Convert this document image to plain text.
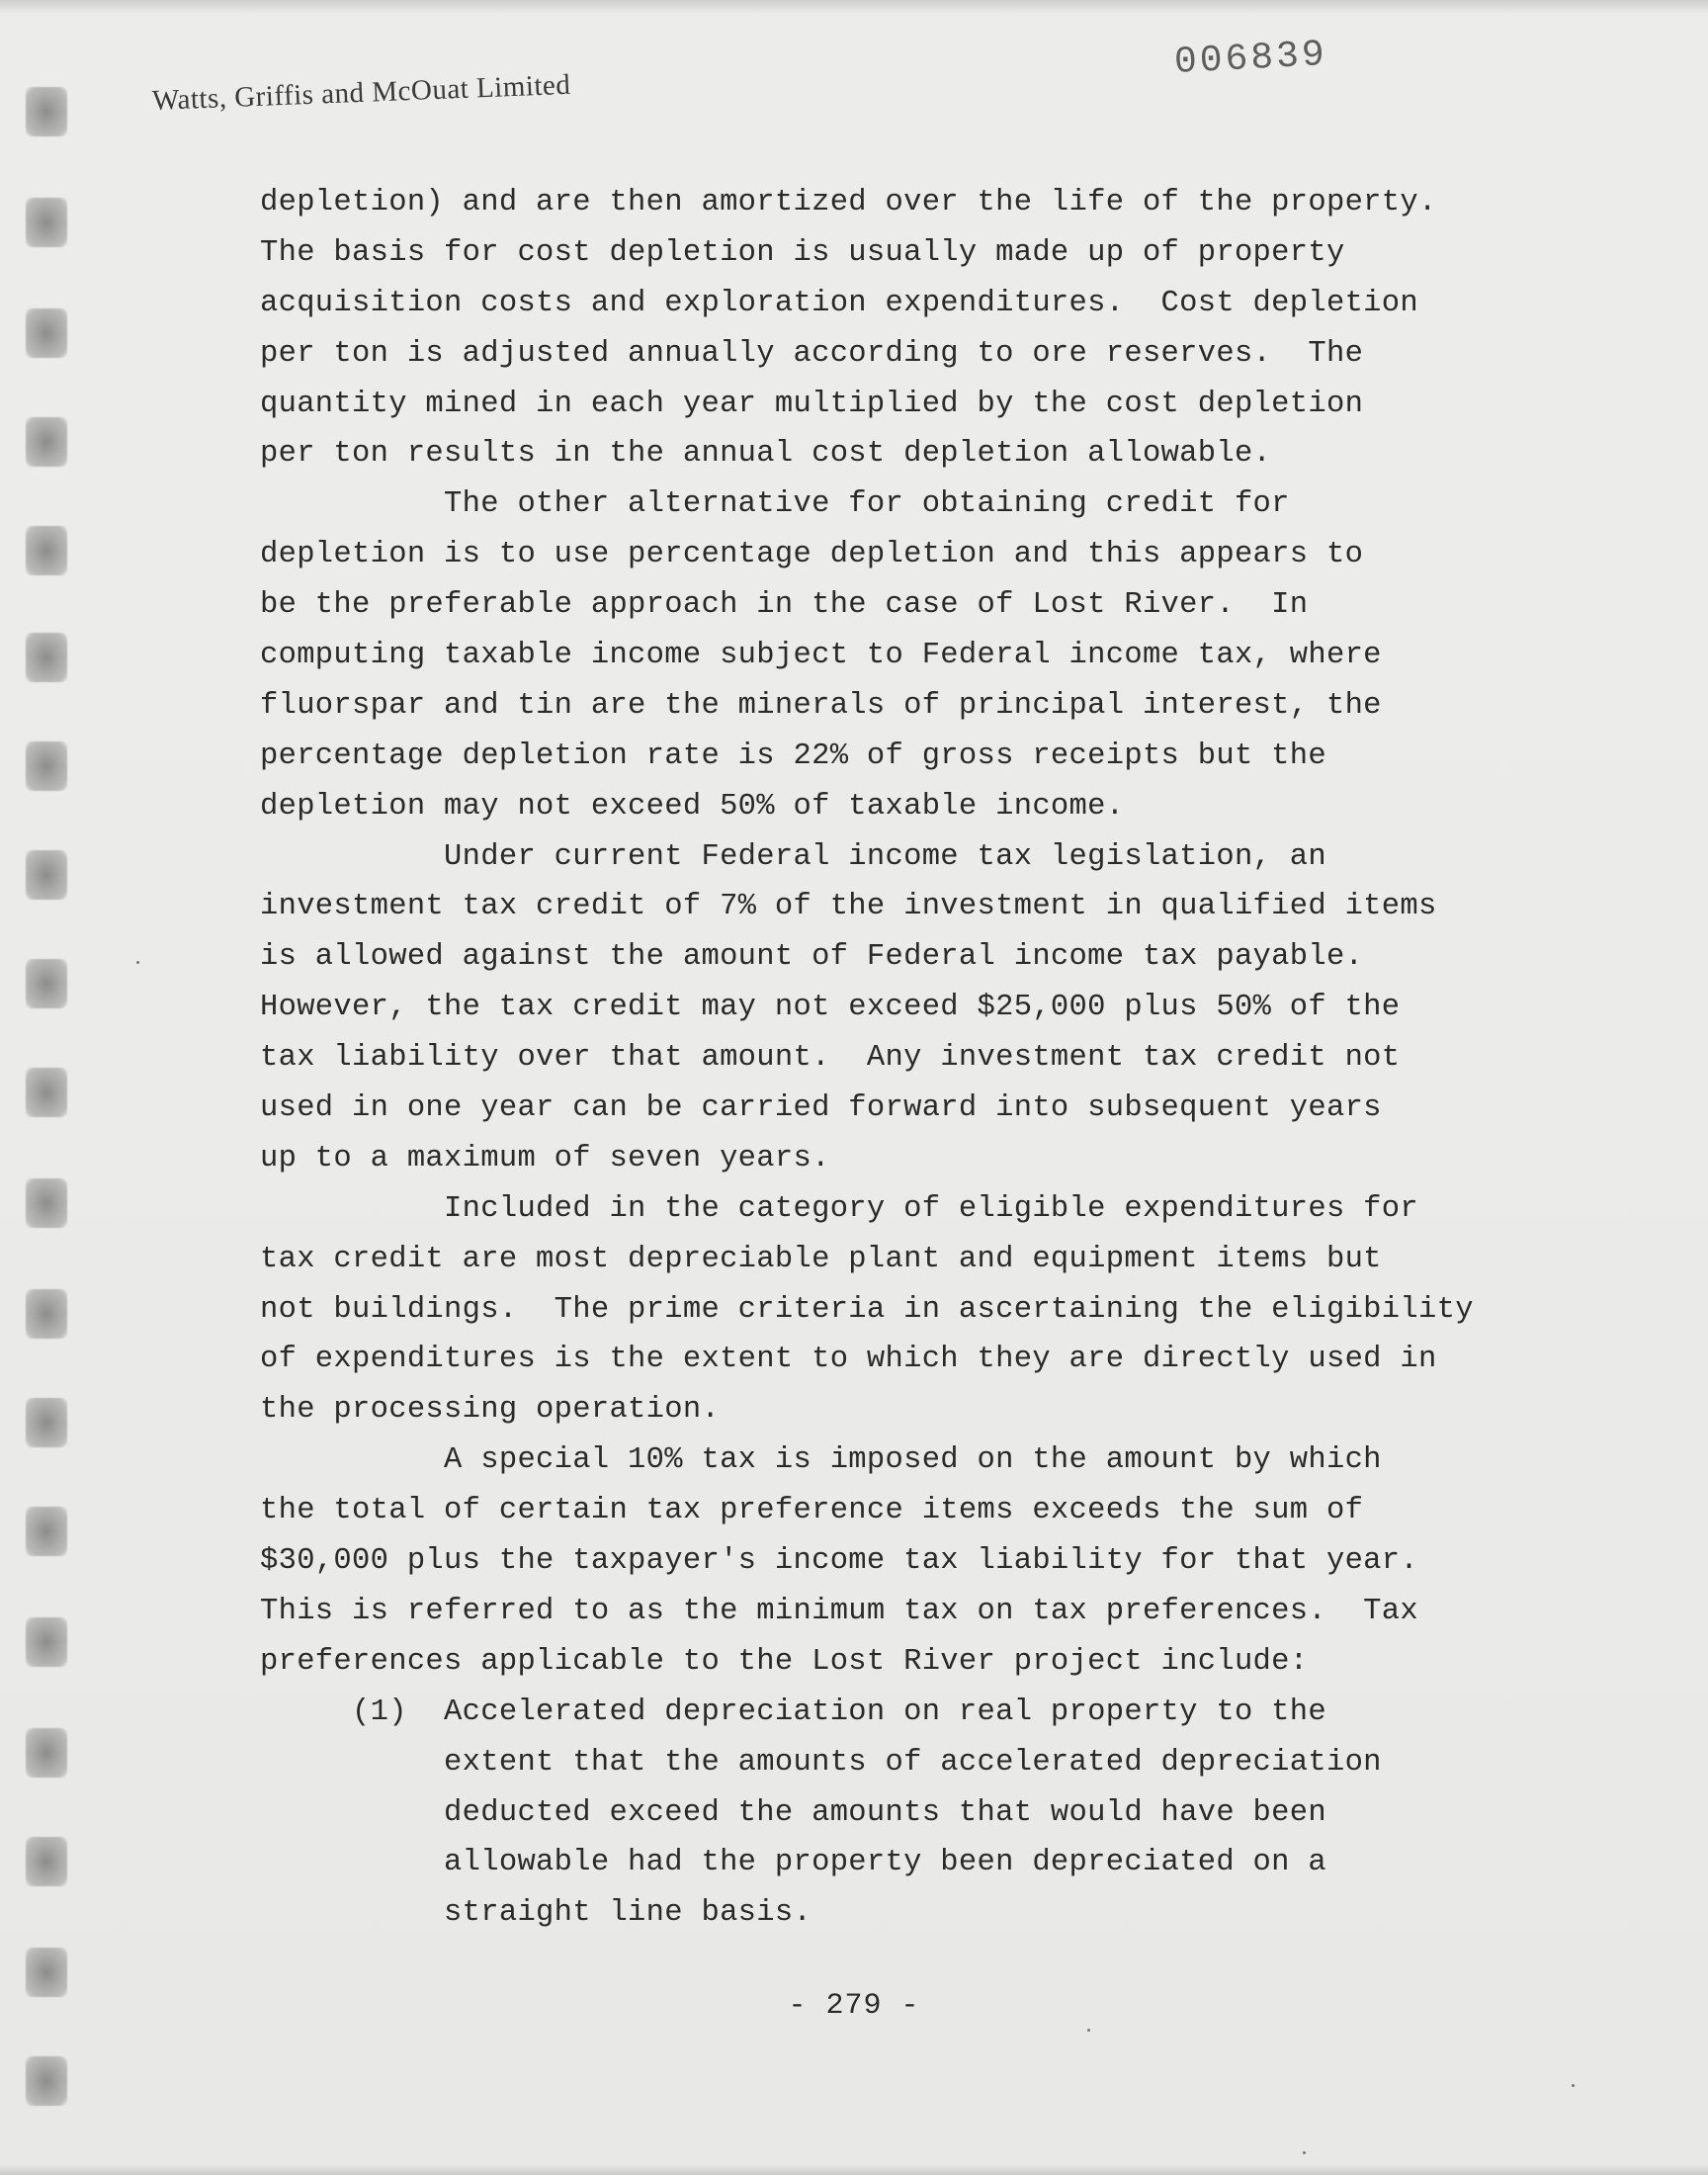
006839
Watts, Griffis and McOuat Limited
depletion) and are then amortized over the life of the property.
The basis for cost depletion is usually made up of property
acquisition costs and exploration expenditures.  Cost depletion
per ton is adjusted annually according to ore reserves.  The
quantity mined in each year multiplied by the cost depletion
per ton results in the annual cost depletion allowable.
The other alternative for obtaining credit for
depletion is to use percentage depletion and this appears to
be the preferable approach in the case of Lost River.  In
computing taxable income subject to Federal income tax, where
fluorspar and tin are the minerals of principal interest, the
percentage depletion rate is 22% of gross receipts but the
depletion may not exceed 50% of taxable income.
Under current Federal income tax legislation, an
investment tax credit of 7% of the investment in qualified items
is allowed against the amount of Federal income tax payable.
However, the tax credit may not exceed $25,000 plus 50% of the
tax liability over that amount.  Any investment tax credit not
used in one year can be carried forward into subsequent years
up to a maximum of seven years.
Included in the category of eligible expenditures for
tax credit are most depreciable plant and equipment items but
not buildings.  The prime criteria in ascertaining the eligibility
of expenditures is the extent to which they are directly used in
the processing operation.
A special 10% tax is imposed on the amount by which
the total of certain tax preference items exceeds the sum of
$30,000 plus the taxpayer's income tax liability for that year.
This is referred to as the minimum tax on tax preferences.  Tax
preferences applicable to the Lost River project include:
(1)  Accelerated depreciation on real property to the
extent that the amounts of accelerated depreciation
deducted exceed the amounts that would have been
allowable had the property been depreciated on a
straight line basis.
- 279 -
